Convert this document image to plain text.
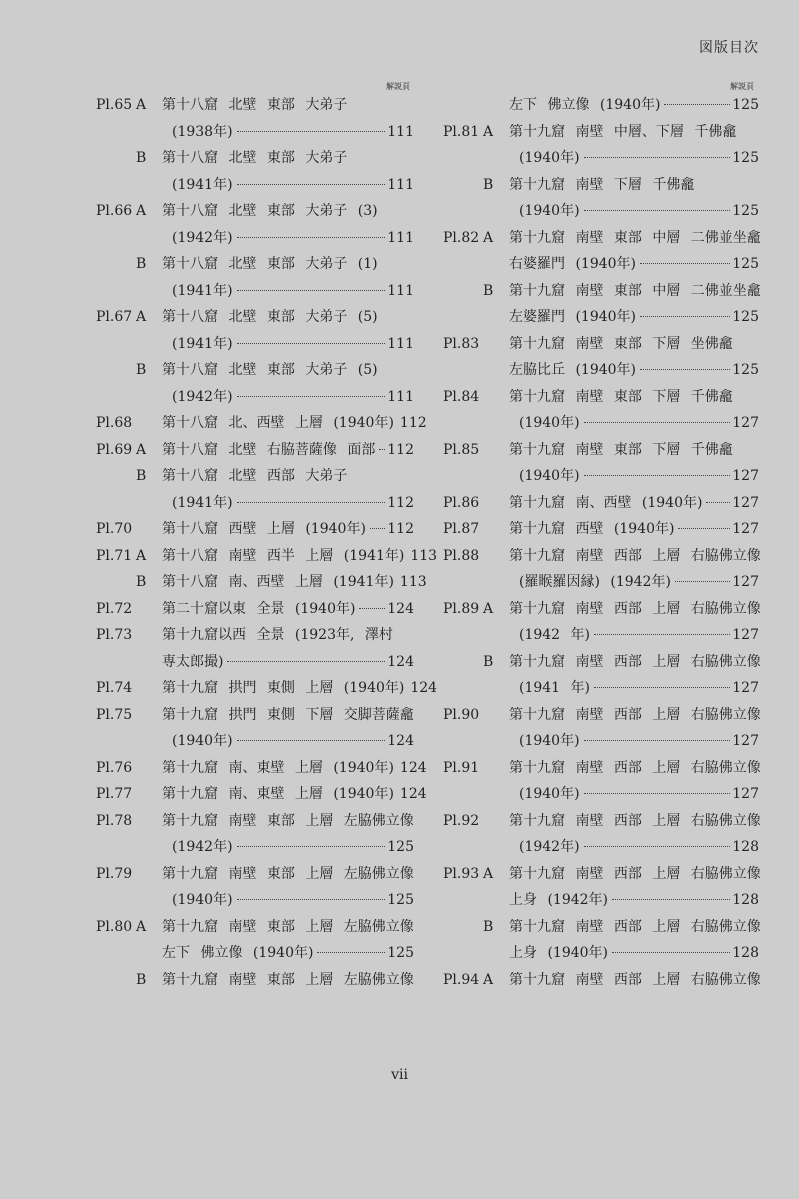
図版目次
解説頁	解説頁
Pl.65 A 第十八窟 北壁 東部 大弟子
(1938年)	111
B 第十八窟 北壁 東部 大弟子
(1941年)	111
Pl.66 A 第十八窟 北壁 東部 大弟子 (3)
(1942年)	111
B 第十八窟 北壁 東部 大弟子 (1)
(1941年)	111
Pl.67 A 第十八窟 北壁 東部 大弟子 (5)
(1941年)	111
B 第十八窟 北壁 東部 大弟子 (5)
(1942年)	111
Pl.68 第十八窟 北、西壁 上層 (1940年) 112
Pl.69 A 第十八窟 北壁 右脇菩薩像 面部 112
B 第十八窟 北壁 西部 大弟子
(1941年)	112
Pl.70 第十八窟 西壁 上層 (1940年) 112
Pl.71 A 第十八窟 南壁 西半 上層 (1941年) 113
B 第十八窟 南、西壁 上層 (1941年) 113
Pl.72 第二十窟以東 全景 (1940年) 124
Pl.73 第十九窟以西 全景 (1923年, 澤村
専太郎撮)	124
Pl.74 第十九窟 拱門 東側 上層 (1940年) 124
Pl.75 第十九窟 拱門 東側 下層 交脚菩薩龕
(1940年)	124
Pl.76 第十九窟 南、東壁 上層 (1940年) 124
Pl.77 第十九窟 南、東壁 上層 (1940年) 124
Pl.78 第十九窟 南壁 東部 上層 左脇佛立像
(1942年)	125
Pl.79 第十九窟 南壁 東部 上層 左脇佛立像
(1940年)	125
Pl.80 A 第十九窟 南壁 東部 上層 左脇佛立像
左下 佛立像 (1940年)	125
B 第十九窟 南壁 東部 上層 左脇佛立像
左下 佛立像 (1940年)	125
Pl.81 A 第十九窟 南壁 中層、下層 千佛龕
(1940年)	125
B 第十九窟 南壁 下層 千佛龕
(1940年)	125
Pl.82 A 第十九窟 南壁 東部 中層 二佛並坐龕
右婆羅門 (1940年)	125
B 第十九窟 南壁 東部 中層 二佛並坐龕
左婆羅門 (1940年)	125
Pl.83 第十九窟 南壁 東部 下層 坐佛龕
左脇比丘 (1940年)	125
Pl.84 第十九窟 南壁 東部 下層 千佛龕
(1940年)	127
Pl.85 第十九窟 南壁 東部 下層 千佛龕
(1940年)	127
Pl.86 第十九窟 南、西壁 (1940年) 127
Pl.87 第十九窟 西壁 (1940年)	127
Pl.88 第十九窟 南壁 西部 上層 右脇佛立像
(羅睺羅因縁) (1942年)	127
Pl.89 A 第十九窟 南壁 西部 上層 右脇佛立像
(1942 年)	127
B 第十九窟 南壁 西部 上層 右脇佛立像
(1941 年)	127
Pl.90 第十九窟 南壁 西部 上層 右脇佛立像
(1940年)	127
Pl.91 第十九窟 南壁 西部 上層 右脇佛立像
(1940年)	127
Pl.92 第十九窟 南壁 西部 上層 右脇佛立像
(1942年)	128
Pl.93 A 第十九窟 南壁 西部 上層 右脇佛立像
上身 (1942年)	128
B 第十九窟 南壁 西部 上層 右脇佛立像
上身 (1940年)	128
Pl.94 A 第十九窟 南壁 西部 上層 右脇佛立像
vii
